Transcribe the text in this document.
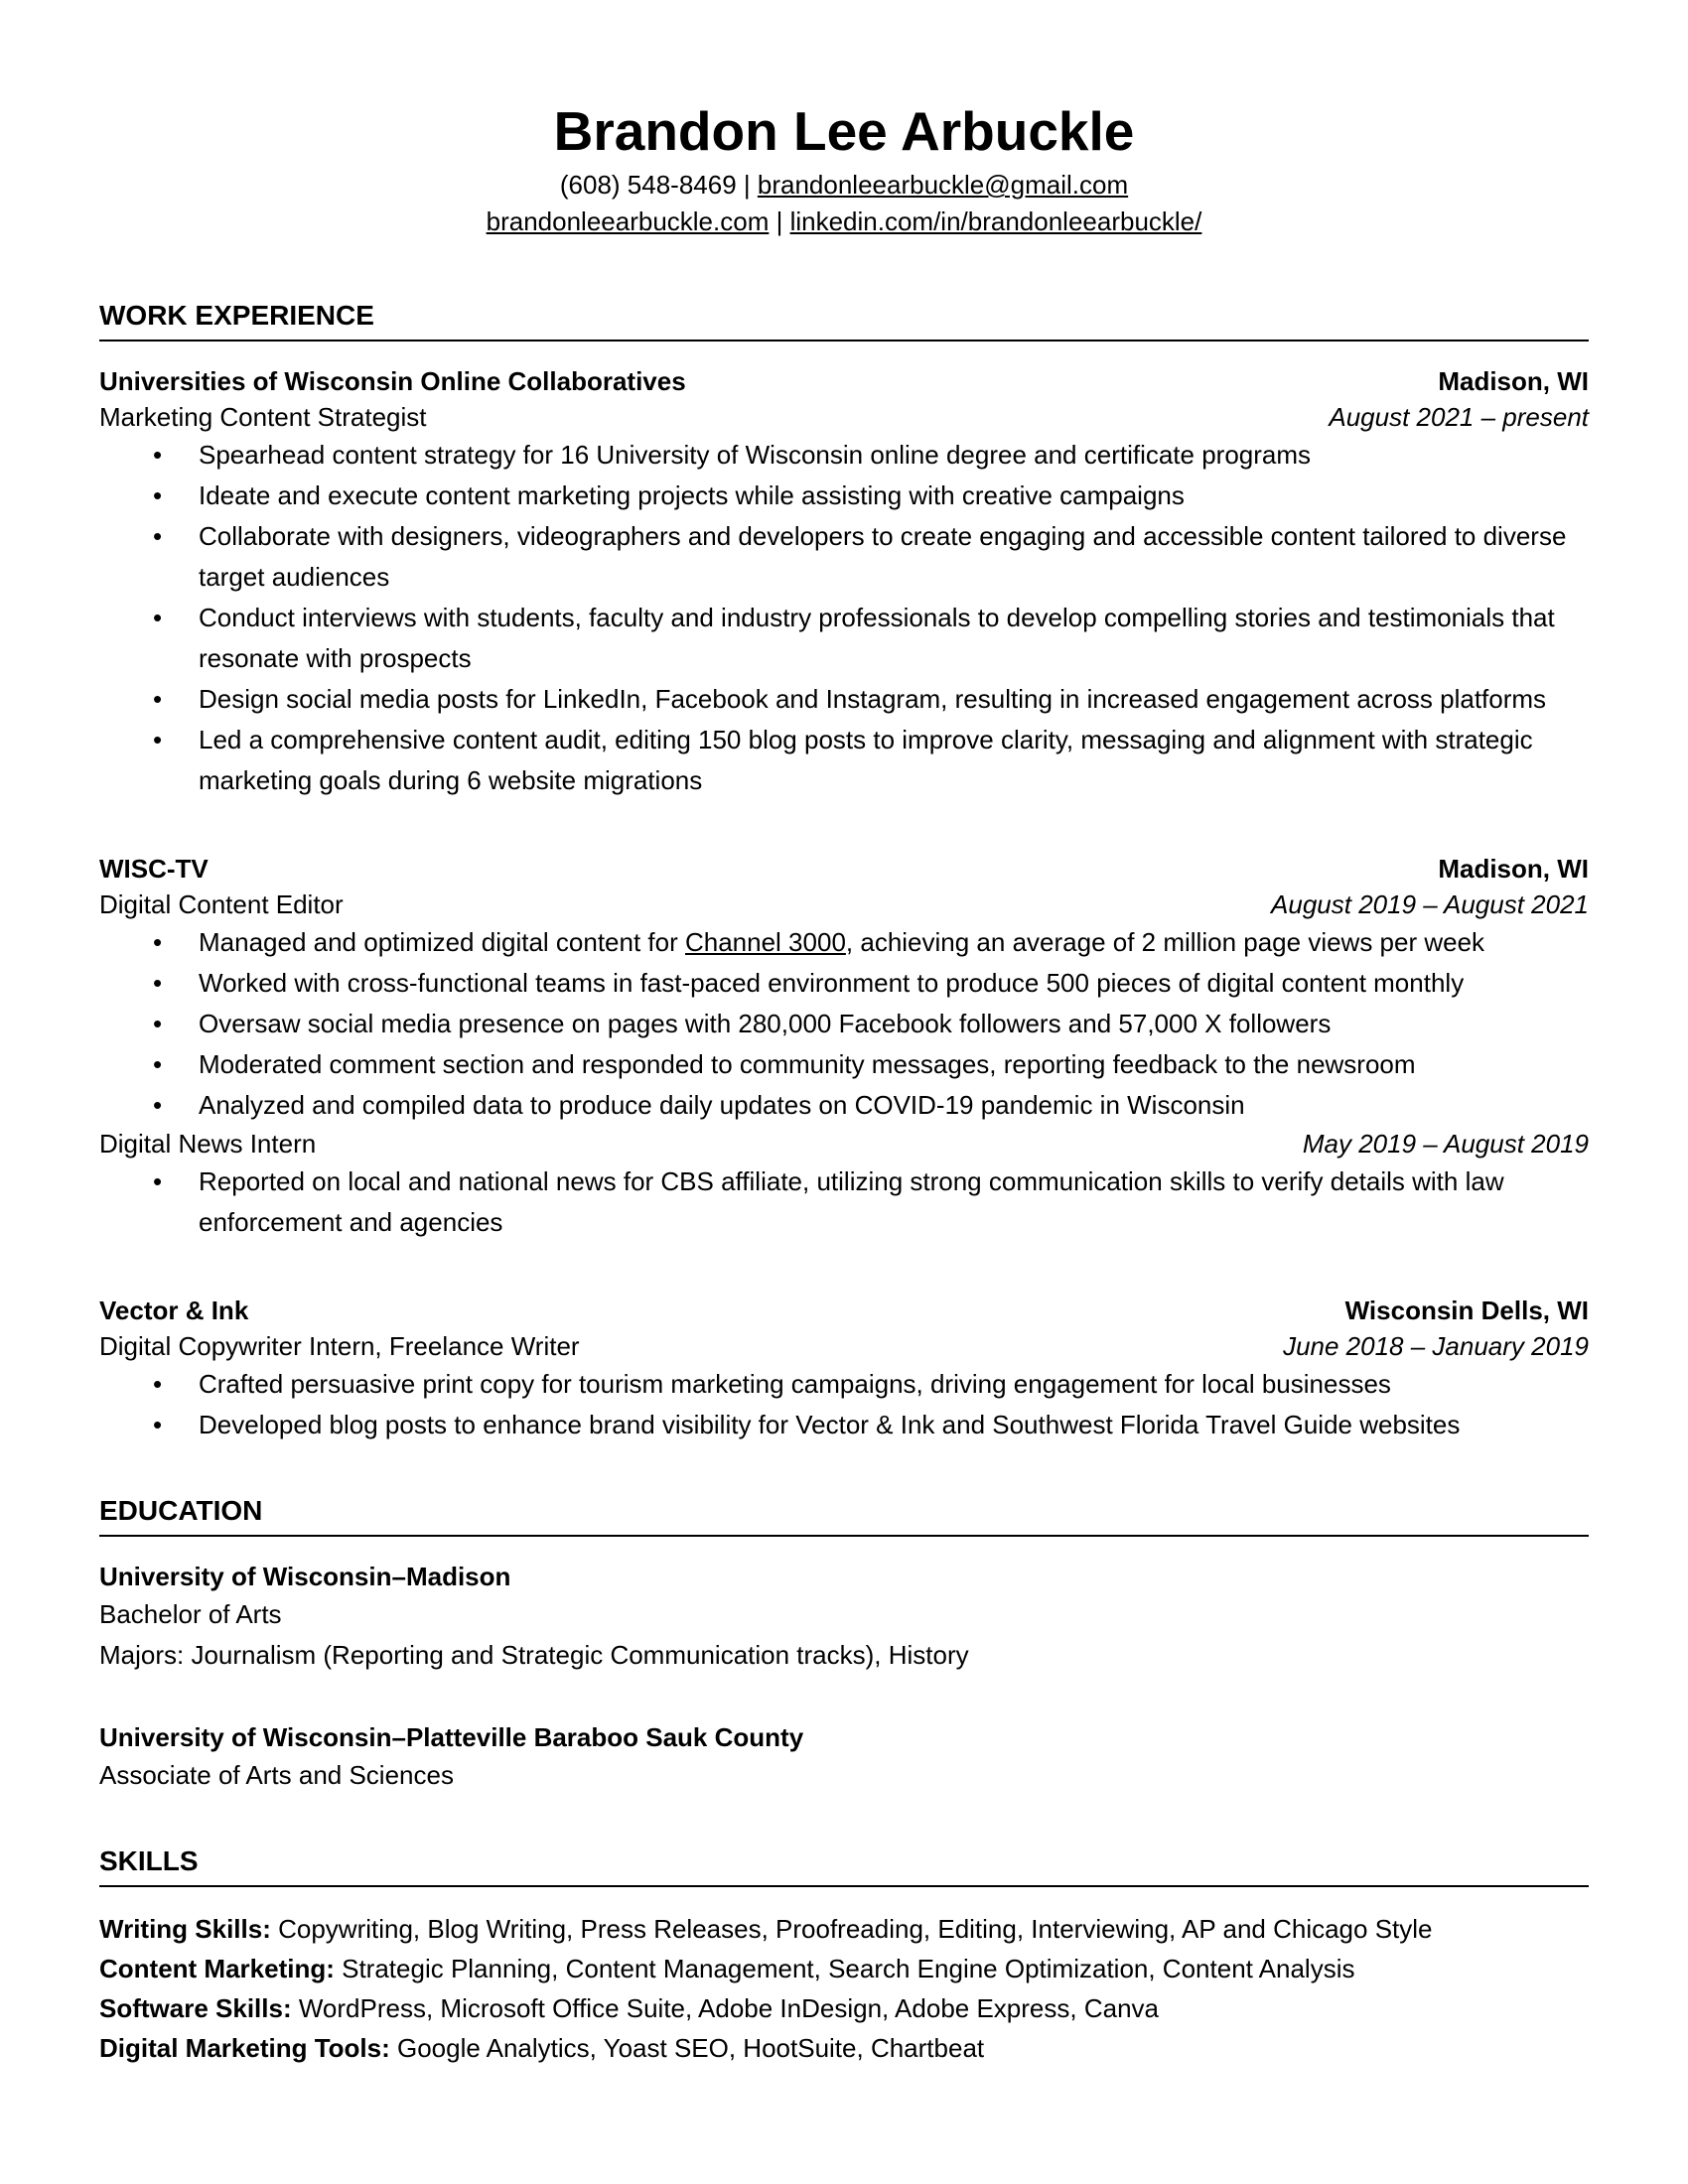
Brandon Lee Arbuckle
(608) 548-8469 | brandonleearbuckle@gmail.com
brandonleearbuckle.com | linkedin.com/in/brandonleearbuckle/
WORK EXPERIENCE
Universities of Wisconsin Online Collaboratives	Madison, WI
Marketing Content Strategist	August 2021 – present
• Spearhead content strategy for 16 University of Wisconsin online degree and certificate programs
• Ideate and execute content marketing projects while assisting with creative campaigns
• Collaborate with designers, videographers and developers to create engaging and accessible content tailored to diverse target audiences
• Conduct interviews with students, faculty and industry professionals to develop compelling stories and testimonials that resonate with prospects
• Design social media posts for LinkedIn, Facebook and Instagram, resulting in increased engagement across platforms
• Led a comprehensive content audit, editing 150 blog posts to improve clarity, messaging and alignment with strategic marketing goals during 6 website migrations
WISC-TV	Madison, WI
Digital Content Editor	August 2019 – August 2021
• Managed and optimized digital content for Channel 3000, achieving an average of 2 million page views per week
• Worked with cross-functional teams in fast-paced environment to produce 500 pieces of digital content monthly
• Oversaw social media presence on pages with 280,000 Facebook followers and 57,000 X followers
• Moderated comment section and responded to community messages, reporting feedback to the newsroom
• Analyzed and compiled data to produce daily updates on COVID-19 pandemic in Wisconsin
Digital News Intern	May 2019 – August 2019
• Reported on local and national news for CBS affiliate, utilizing strong communication skills to verify details with law enforcement and agencies
Vector & Ink	Wisconsin Dells, WI
Digital Copywriter Intern, Freelance Writer	June 2018 – January 2019
• Crafted persuasive print copy for tourism marketing campaigns, driving engagement for local businesses
• Developed blog posts to enhance brand visibility for Vector & Ink and Southwest Florida Travel Guide websites
EDUCATION
University of Wisconsin–Madison
Bachelor of Arts
Majors: Journalism (Reporting and Strategic Communication tracks), History
University of Wisconsin–Platteville Baraboo Sauk County
Associate of Arts and Sciences
SKILLS
Writing Skills: Copywriting, Blog Writing, Press Releases, Proofreading, Editing, Interviewing, AP and Chicago Style
Content Marketing: Strategic Planning, Content Management, Search Engine Optimization, Content Analysis
Software Skills: WordPress, Microsoft Office Suite, Adobe InDesign, Adobe Express, Canva
Digital Marketing Tools: Google Analytics, Yoast SEO, HootSuite, Chartbeat
